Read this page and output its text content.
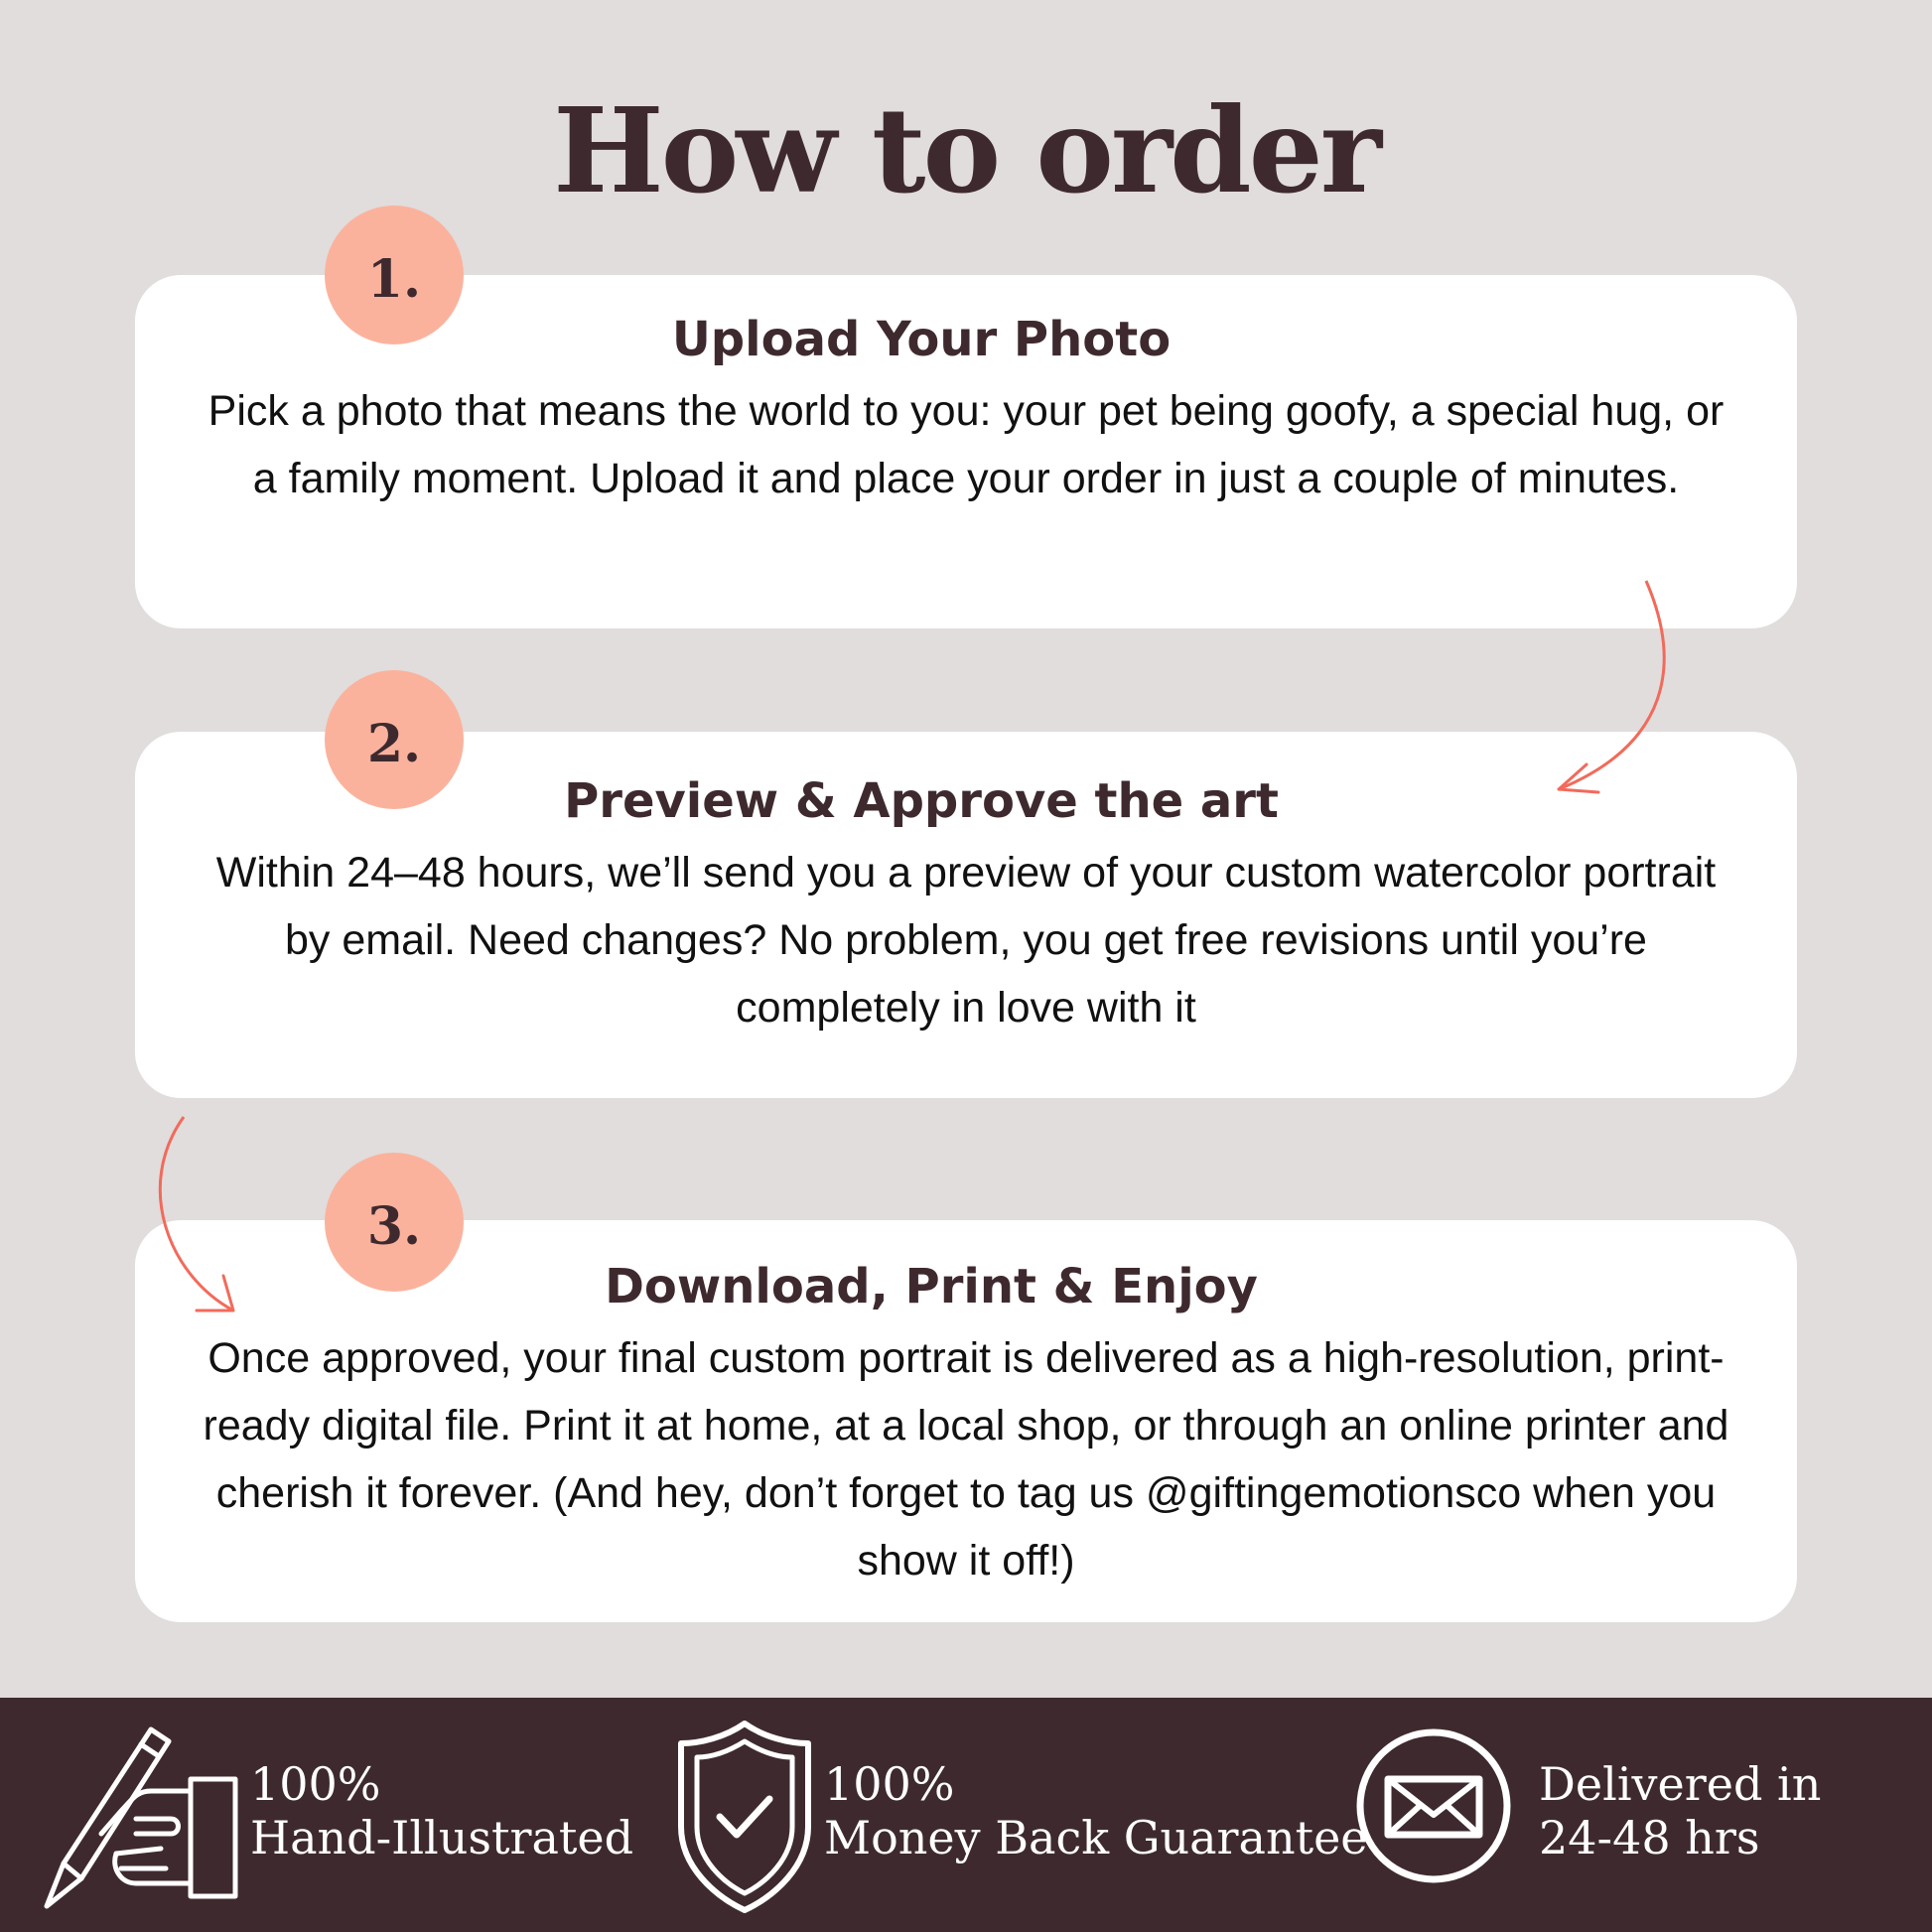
How to order
Upload Your Photo
Pick a photo that means the world to you: your pet being goofy, a special hug, or a family moment. Upload it and place your order in just a couple of minutes.
1.
Preview & Approve the art
Within 24–48 hours, we’ll send you a preview of your custom watercolor portrait by email. Need changes? No problem, you get free revisions until you’re completely in love with it
2.
Download, Print & Enjoy
Once approved, your final custom portrait is delivered as a high-resolution, print-ready digital file. Print it at home, at a local shop, or through an online printer and cherish it forever. (And hey, don’t forget to tag us @giftingemotionsco when you show it off!)
3.
100%
Hand-Illustrated
100%
Money Back Guarantee
Delivered in
24-48 hrs
